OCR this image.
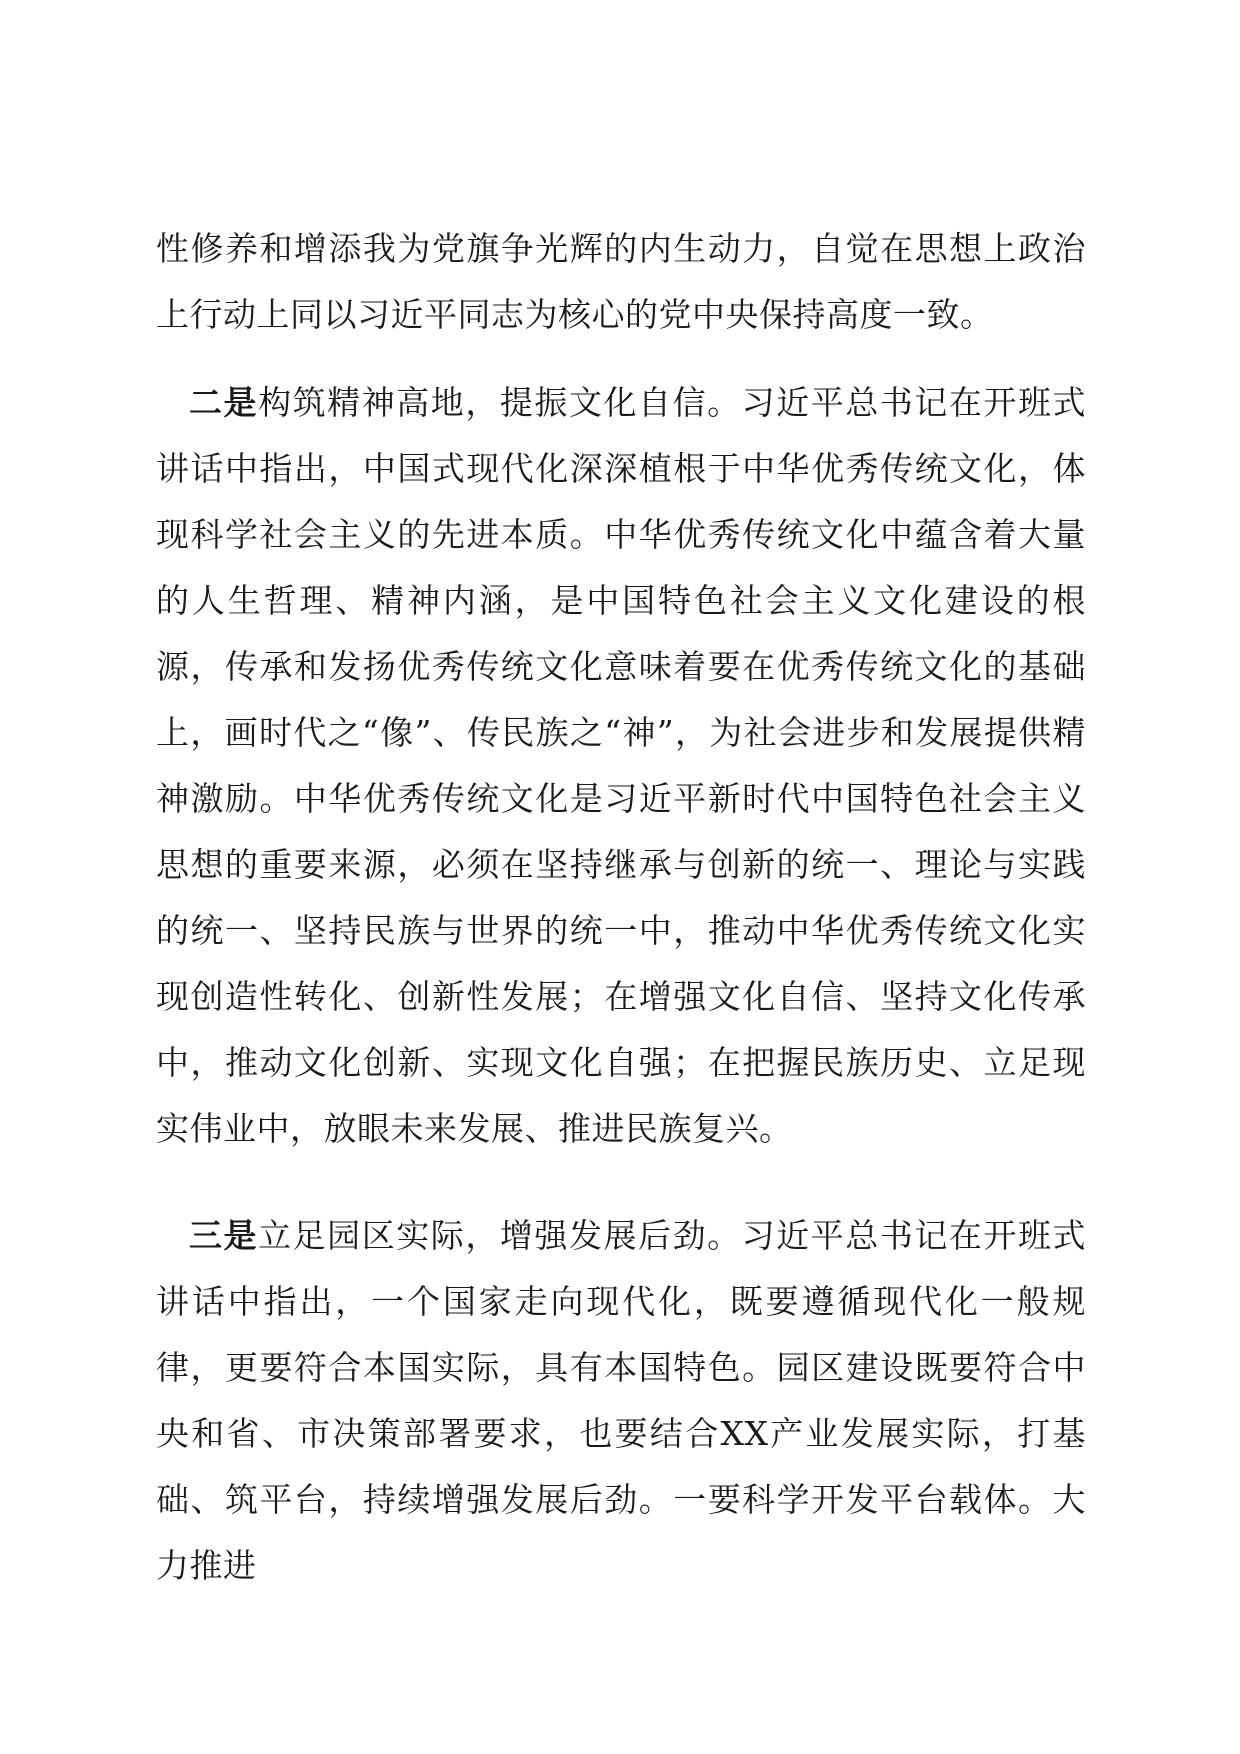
性修养和增添我为党旗争光辉的内生动力，自觉在思想上政治上行动上同以习近平同志为核心的党中央保持高度一致。

二是构筑精神高地，提振文化自信。习近平总书记在开班式讲话中指出，中国式现代化深深植根于中华优秀传统文化，体现科学社会主义的先进本质。中华优秀传统文化中蕴含着大量的人生哲理、精神内涵，是中国特色社会主义文化建设的根源，传承和发扬优秀传统文化意味着要在优秀传统文化的基础上，画时代之“像”、传民族之“神”，为社会进步和发展提供精神激励。中华优秀传统文化是习近平新时代中国特色社会主义思想的重要来源，必须在坚持继承与创新的统一、理论与实践的统一、坚持民族与世界的统一中，推动中华优秀传统文化实现创造性转化、创新性发展；在增强文化自信、坚持文化传承中，推动文化创新、实现文化自强；在把握民族历史、立足现实伟业中，放眼未来发展、推进民族复兴。

三是立足园区实际，增强发展后劲。习近平总书记在开班式讲话中指出，一个国家走向现代化，既要遵循现代化一般规律，更要符合本国实际，具有本国特色。园区建设既要符合中央和省、市决策部署要求，也要结合XX产业发展实际，打基础、筑平台，持续增强发展后劲。一要科学开发平台载体。大力推进
